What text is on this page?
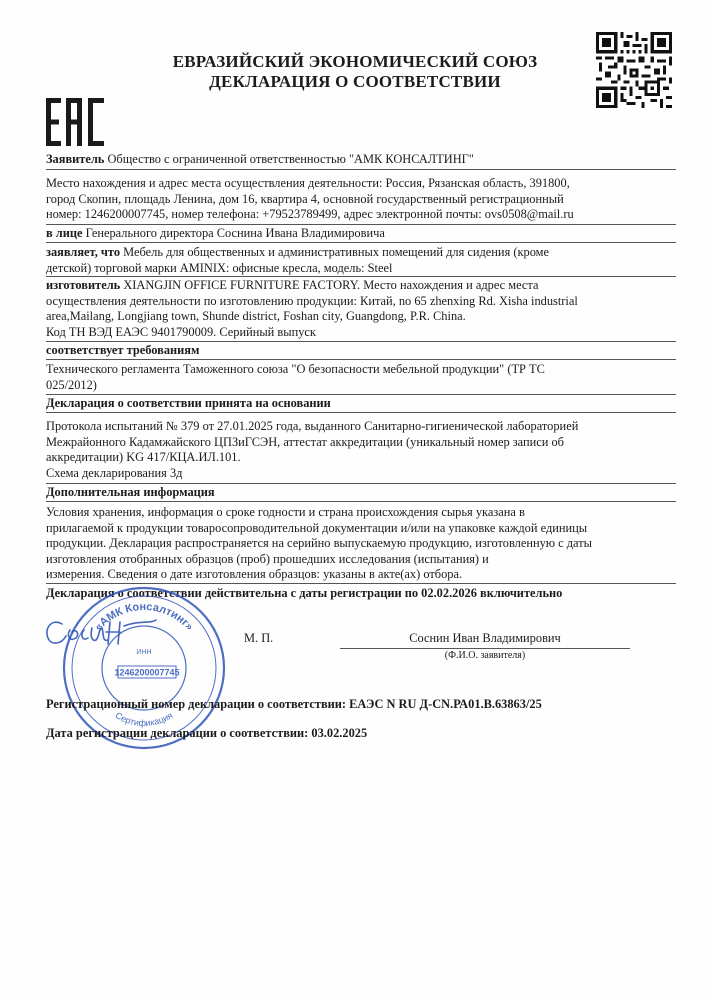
ЕВРАЗИЙСКИЙ ЭКОНОМИЧЕСКИЙ СОЮЗ
ДЕКЛАРАЦИЯ О СООТВЕТСТВИИ
Заявитель Общество с ограниченной ответственностью "АМК КОНСАЛТИНГ"
Место нахождения и адрес места осуществления деятельности: Россия, Рязанская область, 391800,
город Скопин, площадь Ленина, дом 16, квартира 4, основной государственный регистрационный
номер: 1246200007745, номер телефона: +79523789499, адрес электронной почты: ovs0508@mail.ru
в лице Генерального директора Соснина Ивана Владимировича
заявляет, что Мебель для общественных и административных помещений для сидения (кроме
детской) торговой марки AMINIX: офисные кресла, модель: Steel
изготовитель XIANGJIN OFFICE FURNITURE FACTORY. Место нахождения и адрес места
осуществления деятельности по изготовлению продукции: Китай, no 65 zhenxing Rd. Xisha industrial
area,Mailang, Longjiang town, Shunde district, Foshan city, Guangdong, P.R. China.
Код ТН ВЭД ЕАЭС 9401790009. Серийный выпуск
соответствует требованиям
Технического регламента Таможенного союза "О безопасности мебельной продукции" (ТР ТС
025/2012)
Декларация о соответствии принята на основании
Протокола испытаний № 379 от 27.01.2025 года, выданного Санитарно-гигиенической лабораторией
Межрайонного Кадамжайского ЦПЗиГСЭН, аттестат аккредитации (уникальный номер записи об
аккредитации) KG 417/КЦА.ИЛ.101.
Схема декларирования 3д
Дополнительная информация
Условия хранения, информация о сроке годности и страна происхождения сырья указана в
прилагаемой к продукции товаросопроводительной документации и/или на упаковке каждой единицы
продукции. Декларация распространяется на серийно выпускаемую продукцию, изготовленную с даты
изготовления отобранных образцов (проб) прошедших исследования (испытания) и
измерения. Сведения о дате изготовления образцов: указаны в акте(ах) отбора.
Декларация о соответствии действительна с даты регистрации по 02.02.2026 включительно
«АМК Консалтинг»
Сертификация
ИНН
1246200007745
М. П.	Соснин Иван Владимирович
(Ф.И.О. заявителя)
Регистрационный номер декларации о соответствии: ЕАЭС N RU Д-CN.РА01.В.63863/25
Дата регистрации декларации о соответствии: 03.02.2025
